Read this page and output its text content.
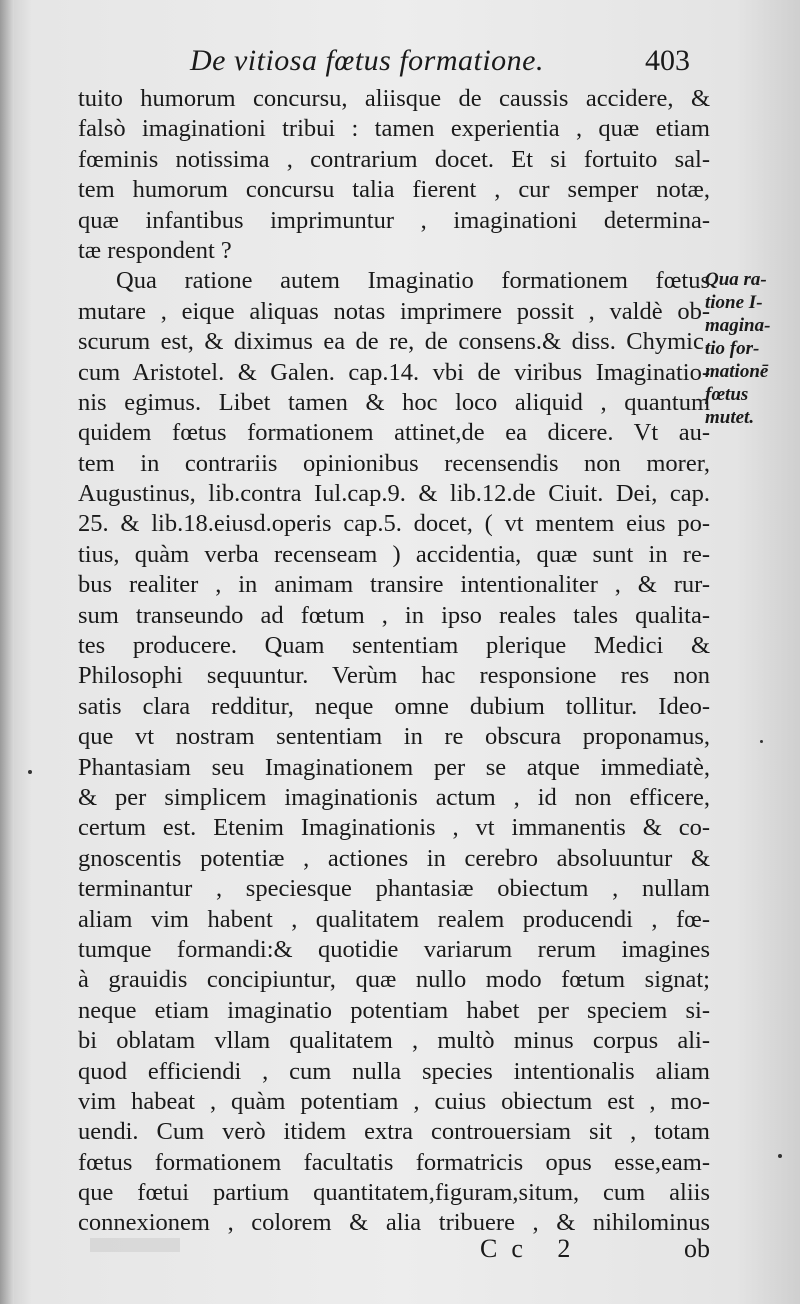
De vitiosa fœtus formatione.	403
tuito humorum concursu, aliisque de caussis accidere, &
falsò imaginationi tribui : tamen experientia , quæ etiam
fœminis notissima , contrarium docet. Et si fortuito sal-
tem humorum concursu talia fierent , cur semper notæ,
quæ infantibus imprimuntur , imaginationi determina-
tæ respondent ?
Qua ratione autem Imaginatio formationem fœtus
mutare , eique aliquas notas imprimere possit , valdè ob-
scurum est, & diximus ea de re, de consens.& diss. Chymic.
cum Aristotel. & Galen. cap.14. vbi de viribus Imaginatio-
nis egimus. Libet tamen & hoc loco aliquid , quantum
quidem fœtus formationem attinet,de ea dicere. Vt au-
tem in contrariis opinionibus recensendis non morer,
Augustinus, lib.contra Iul.cap.9. & lib.12.de Ciuit. Dei, cap.
25. & lib.18.eiusd.operis cap.5. docet, ( vt mentem eius po-
tius, quàm verba recenseam ) accidentia, quæ sunt in re-
bus realiter , in animam transire intentionaliter , & rur-
sum transeundo ad fœtum , in ipso reales tales qualita-
tes producere. Quam sententiam plerique Medici &
Philosophi sequuntur. Verùm hac responsione res non
satis clara redditur, neque omne dubium tollitur. Ideo-
que vt nostram sententiam in re obscura proponamus,
Phantasiam seu Imaginationem per se atque immediatè,
& per simplicem imaginationis actum , id non efficere,
certum est. Etenim Imaginationis , vt immanentis & co-
gnoscentis potentiæ , actiones in cerebro absoluuntur &
terminantur , speciesque phantasiæ obiectum , nullam
aliam vim habent , qualitatem realem producendi , fœ-
tumque formandi:& quotidie variarum rerum imagines
à grauidis concipiuntur, quæ nullo modo fœtum signat;
neque etiam imaginatio potentiam habet per speciem si-
bi oblatam vllam qualitatem , multò minus corpus ali-
quod efficiendi , cum nulla species intentionalis aliam
vim habeat , quàm potentiam , cuius obiectum est , mo-
uendi. Cum verò itidem extra controuersiam sit , totam
fœtus formationem facultatis formatricis opus esse,eam-
que fœtui partium quantitatem,figuram,situm, cum aliis
connexionem , colorem & alia tribuere , & nihilominus
Qua ra-
tione I-
magina-
tio for-
mationē
fœtus
mutet.
Cc 2	ob
